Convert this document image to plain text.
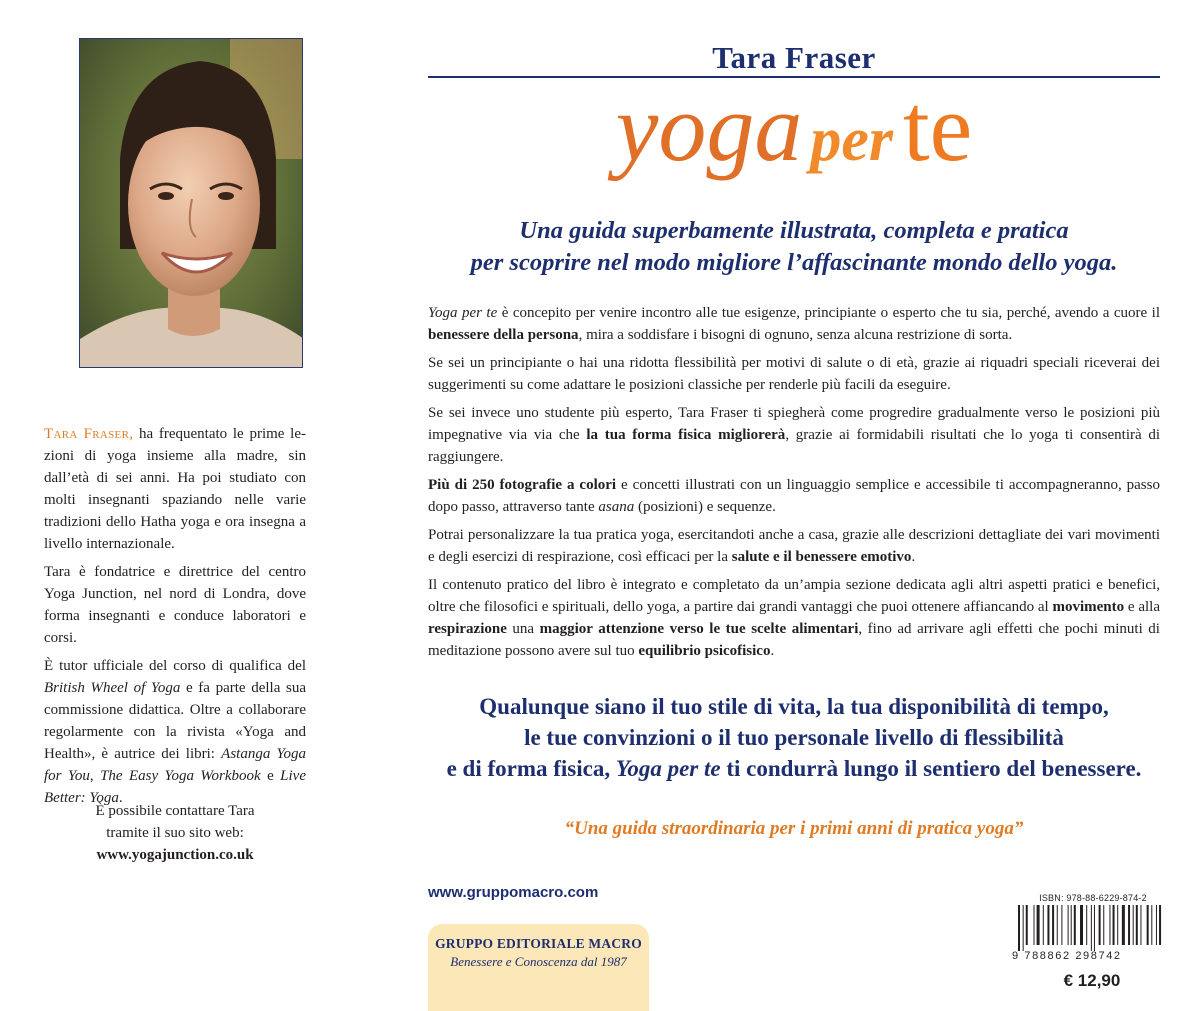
Tara Fraser, ha frequentato le prime lezioni di yoga insieme alla madre, sin dall’età di sei anni. Ha poi studiato con molti insegnanti spaziando nelle varie tradizioni dello Hatha yoga e ora insegna a livello internazionale.

Tara è fondatrice e direttrice del centro Yoga Junction, nel nord di Londra, dove forma insegnanti e conduce laboratori e corsi.

È tutor ufficiale del corso di qualifica del British Wheel of Yoga e fa parte della sua commissione didattica. Oltre a collaborare regolarmente con la rivista «Yoga and Health», è autrice dei libri: Astanga Yoga for You, The Easy Yoga Workbook e Live Better: Yoga.

È possibile contattare Tara
tramite il suo sito web:
www.yogajunction.co.uk
Tara Fraser
yoga per te
Una guida superbamente illustrata, completa e pratica
per scoprire nel modo migliore l’affascinante mondo dello yoga.

Yoga per te è concepito per venire incontro alle tue esigenze, principiante o esperto che tu sia, perché, avendo a cuore il benessere della persona, mira a soddisfare i bisogni di ognuno, senza alcuna restrizione di sorta.

Se sei un principiante o hai una ridotta flessibilità per motivi di salute o di età, grazie ai riquadri speciali riceverai dei suggerimenti su come adattare le posizioni classiche per renderle più facili da eseguire.

Se sei invece uno studente più esperto, Tara Fraser ti spiegherà come progredire gradualmente verso le posizioni più impegnative via via che la tua forma fisica migliorerà, grazie ai formidabili risultati che lo yoga ti consentirà di raggiungere.

Più di 250 fotografie a colori e concetti illustrati con un linguaggio semplice e accessibile ti accompagneranno, passo dopo passo, attraverso tante asana (posizioni) e sequenze.

Potrai personalizzare la tua pratica yoga, esercitandoti anche a casa, grazie alle descrizioni dettagliate dei vari movimenti e degli esercizi di respirazione, così efficaci per la salute e il benessere emotivo.

Il contenuto pratico del libro è integrato e completato da un’ampia sezione dedicata agli altri aspetti pratici e benefici, oltre che filosofici e spirituali, dello yoga, a partire dai grandi vantaggi che puoi ottenere affiancando al movimento e alla respirazione una maggior attenzione verso le tue scelte alimentari, fino ad arrivare agli effetti che pochi minuti di meditazione possono avere sul tuo equilibrio psicofisico.

Qualunque siano il tuo stile di vita, la tua disponibilità di tempo,
le tue convinzioni o il tuo personale livello di flessibilità
e di forma fisica, Yoga per te ti condurrà lungo il sentiero del benessere.
“Una guida straordinaria per i primi anni di pratica yoga”
www.gruppomacro.com
GRUPPO EDITORIALE MACRO
Benessere e Conoscenza dal 1987
ISBN: 978-88-6229-874-2
9 788862 298742
€ 12,90
